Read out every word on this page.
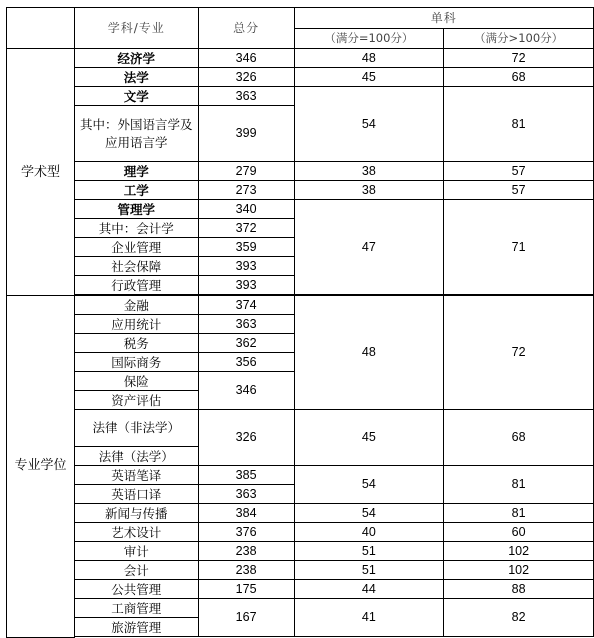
	学科/专业	总分	单科	
			（满分=100分）	（满分>100分）
学术型	经济学	346	48	72
	法学	326	45	68
	文学	363	54	81
	其中：外国语言学及应用语言学	399		
	理学	279	38	57
	工学	273	38	57
	管理学	340	47	71
	其中：会计学	372		
	企业管理	359		
	社会保障	393		
	行政管理	393		

专业学位	金融	374	48	72
	应用统计	363		
	税务	362		
	国际商务	356		
	保险	346		
	资产评估			
	法律（非法学）	326	45	68
	法律（法学）			
	英语笔译	385	54	81
	英语口译	363		
	新闻与传播	384	54	81
	艺术设计	376	40	60
	审计	238	51	102
	会计	238	51	102
	公共管理	175	44	88
	工商管理	167	41	82
	旅游管理			
